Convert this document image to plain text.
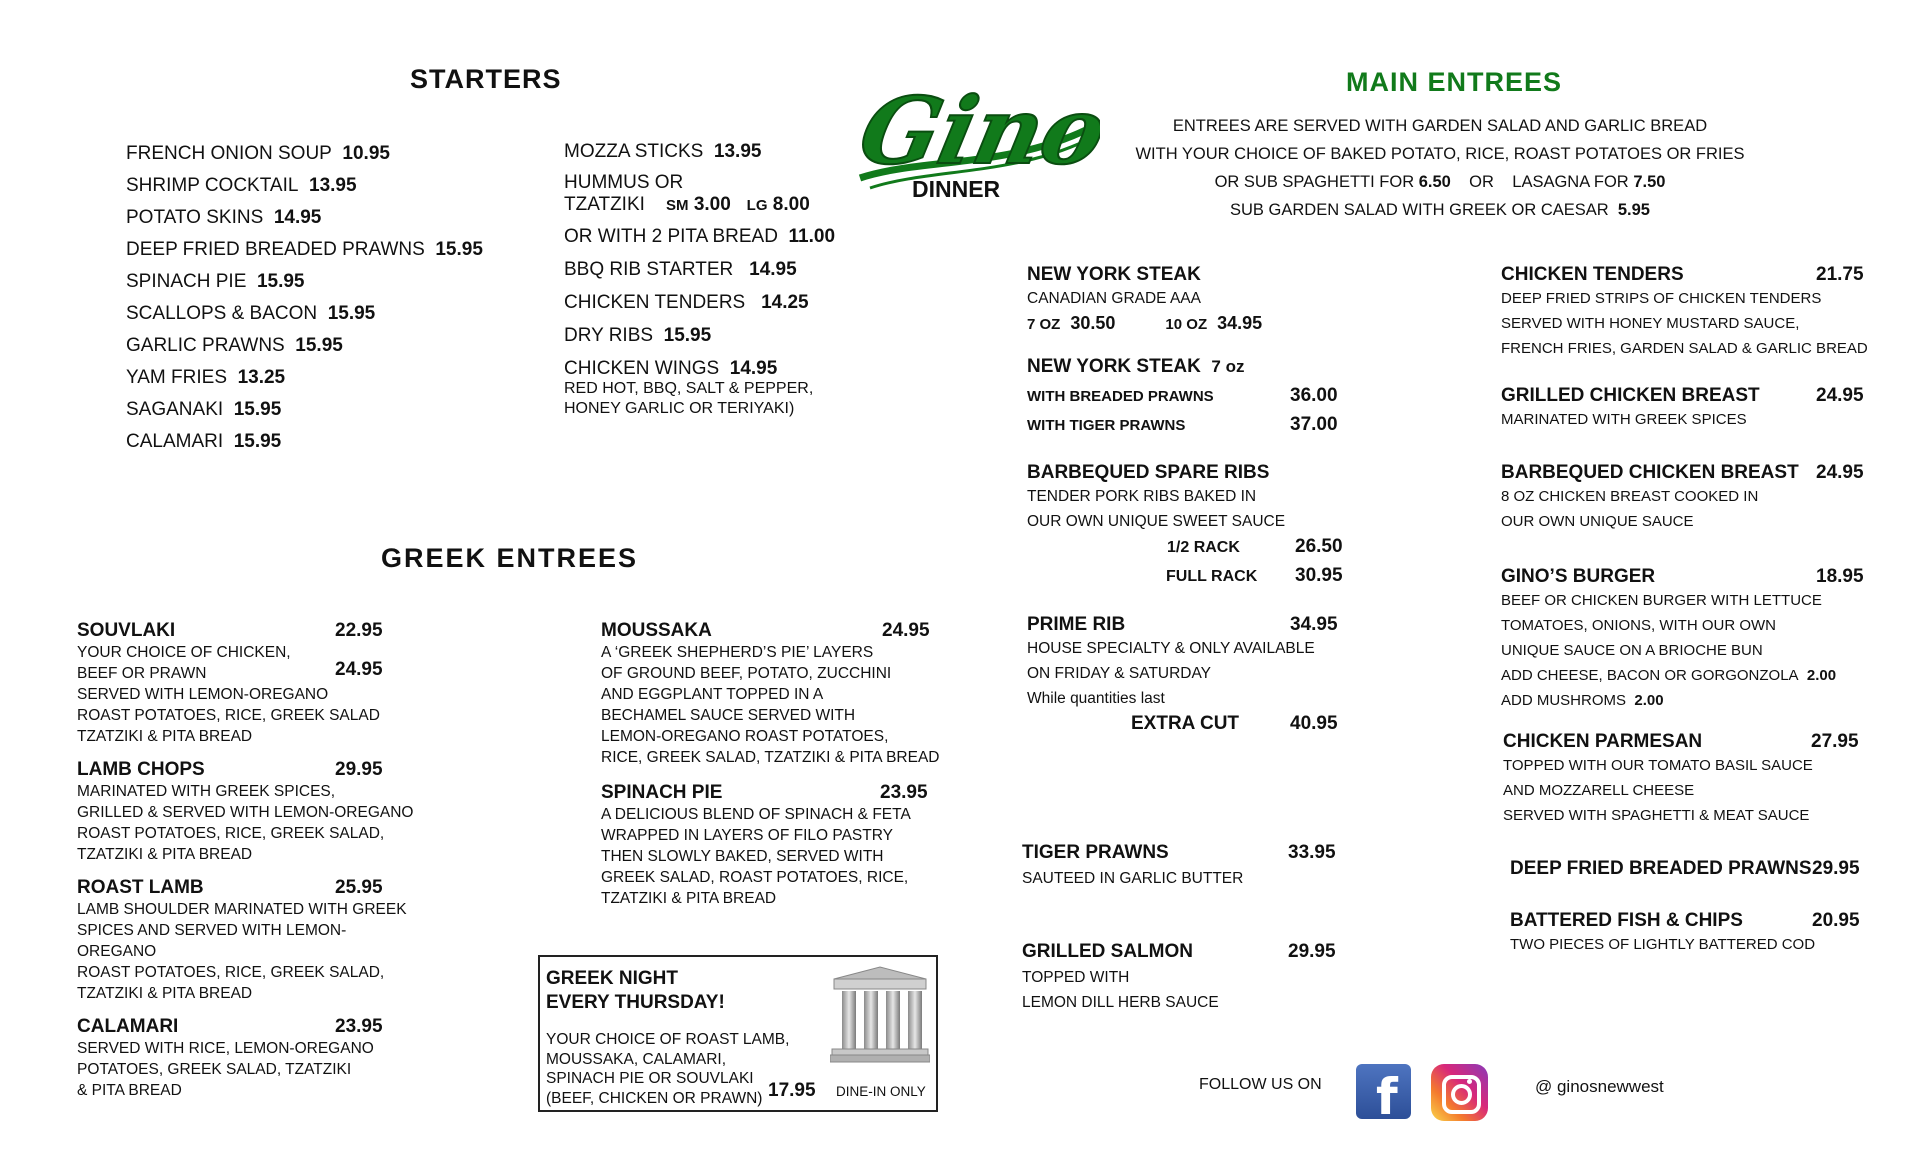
Gino’s
DINNER
STARTERS
FRENCH ONION SOUP 10.95
SHRIMP COCKTAIL 13.95
POTATO SKINS 14.95
DEEP FRIED BREADED PRAWNS 15.95
SPINACH PIE 15.95
SCALLOPS & BACON 15.95
GARLIC PRAWNS 15.95
YAM FRIES 13.25
SAGANAKI 15.95
CALAMARI 15.95
MOZZA STICKS 13.95
HUMMUS OR
TZATZIKI SM 3.00 LG 8.00
OR WITH 2 PITA BREAD 11.00
BBQ RIB STARTER 14.95
CHICKEN TENDERS 14.25
DRY RIBS 15.95
CHICKEN WINGS 14.95
RED HOT, BBQ, SALT & PEPPER,
HONEY GARLIC OR TERIYAKI)
GREEK ENTREES
SOUVLAKI	22.95
YOUR CHOICE OF CHICKEN,
BEEF OR PRAWN	24.95
SERVED WITH LEMON-OREGANO
ROAST POTATOES, RICE, GREEK SALAD
TZATZIKI & PITA BREAD
LAMB CHOPS	29.95
MARINATED WITH GREEK SPICES,
GRILLED & SERVED WITH LEMON-OREGANO
ROAST POTATOES, RICE, GREEK SALAD,
TZATZIKI & PITA BREAD
ROAST LAMB	25.95
LAMB SHOULDER MARINATED WITH GREEK
SPICES AND SERVED WITH LEMON-OREGANO
ROAST POTATOES, RICE, GREEK SALAD,
TZATZIKI & PITA BREAD
CALAMARI	23.95
SERVED WITH RICE, LEMON-OREGANO
POTATOES, GREEK SALAD, TZATZIKI
& PITA BREAD
MOUSSAKA	24.95
A ‘GREEK SHEPHERD’S PIE’ LAYERS
OF GROUND BEEF, POTATO, ZUCCHINI
AND EGGPLANT TOPPED IN A
BECHAMEL SAUCE SERVED WITH
LEMON-OREGANO ROAST POTATOES,
RICE, GREEK SALAD, TZATZIKI & PITA BREAD
SPINACH PIE	23.95
A DELICIOUS BLEND OF SPINACH & FETA
WRAPPED IN LAYERS OF FILO PASTRY
THEN SLOWLY BAKED, SERVED WITH
GREEK SALAD, ROAST POTATOES, RICE,
TZATZIKI & PITA BREAD
GREEK NIGHT
EVERY THURSDAY!
YOUR CHOICE OF ROAST LAMB,
MOUSSAKA, CALAMARI,
SPINACH PIE OR SOUVLAKI
(BEEF, CHICKEN OR PRAWN) 17.95 DINE-IN ONLY
MAIN ENTREES
ENTREES ARE SERVED WITH GARDEN SALAD AND GARLIC BREAD
WITH YOUR CHOICE OF BAKED POTATO, RICE, ROAST POTATOES OR FRIES
OR SUB SPAGHETTI FOR 6.50 OR LASAGNA FOR 7.50
SUB GARDEN SALAD WITH GREEK OR CAESAR 5.95
NEW YORK STEAK
CANADIAN GRADE AAA
7 OZ 30.50	10 OZ 34.95
NEW YORK STEAK 7 oz
WITH BREADED PRAWNS	36.00
WITH TIGER PRAWNS	37.00
BARBEQUED SPARE RIBS
TENDER PORK RIBS BAKED IN
OUR OWN UNIQUE SWEET SAUCE
1/2 RACK	26.50
FULL RACK 30.95
PRIME RIB	34.95
HOUSE SPECIALTY & ONLY AVAILABLE
ON FRIDAY & SATURDAY
While quantities last
EXTRA CUT	40.95
TIGER PRAWNS	33.95
SAUTEED IN GARLIC BUTTER
GRILLED SALMON	29.95
TOPPED WITH
LEMON DILL HERB SAUCE
CHICKEN TENDERS	21.75
DEEP FRIED STRIPS OF CHICKEN TENDERS
SERVED WITH HONEY MUSTARD SAUCE,
FRENCH FRIES, GARDEN SALAD & GARLIC BREAD
GRILLED CHICKEN BREAST	24.95
MARINATED WITH GREEK SPICES
BARBEQUED CHICKEN BREAST 24.95
8 OZ CHICKEN BREAST COOKED IN
OUR OWN UNIQUE SAUCE
GINO’S BURGER	18.95
BEEF OR CHICKEN BURGER WITH LETTUCE
TOMATOES, ONIONS, WITH OUR OWN
UNIQUE SAUCE ON A BRIOCHE BUN
ADD CHEESE, BACON OR GORGONZOLA 2.00
ADD MUSHROMS 2.00
CHICKEN PARMESAN	27.95
TOPPED WITH OUR TOMATO BASIL SAUCE
AND MOZZARELL CHEESE
SERVED WITH SPAGHETTI & MEAT SAUCE
DEEP FRIED BREADED PRAWNS 29.95
BATTERED FISH & CHIPS	20.95
TWO PIECES OF LIGHTLY BATTERED COD
FOLLOW US ON f	@ ginosnewwest
